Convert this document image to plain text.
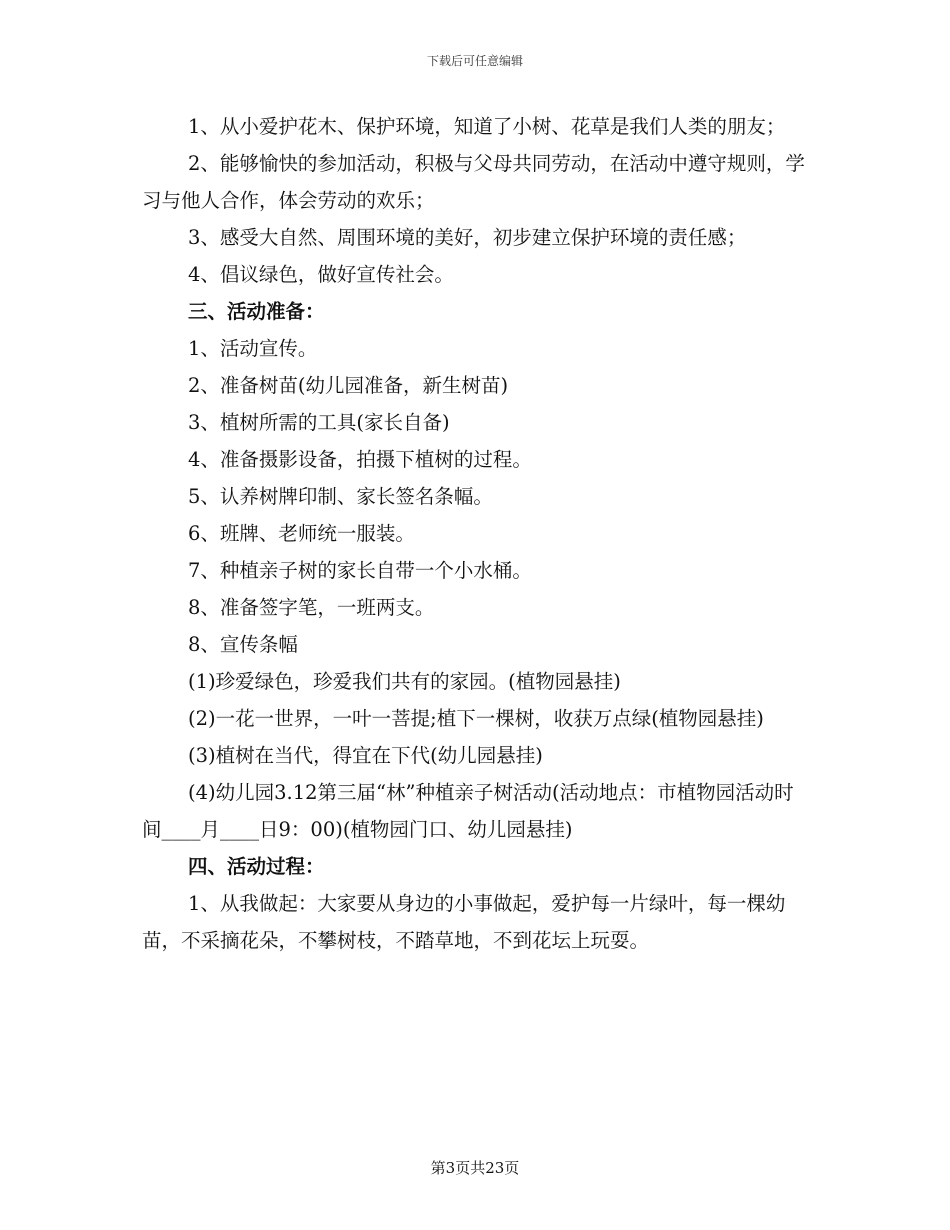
下载后可任意编辑

1、从小爱护花木、保护环境，知道了小树、花草是我们人类的朋友；

2、能够愉快的参加活动，积极与父母共同劳动，在活动中遵守规则，学习与他人合作，体会劳动的欢乐；

3、感受大自然、周围环境的美好，初步建立保护环境的责任感；

4、倡议绿色，做好宣传社会。

三、活动准备：

1、活动宣传。

2、准备树苗(幼儿园准备，新生树苗)

3、植树所需的工具(家长自备)

4、准备摄影设备，拍摄下植树的过程。

5、认养树牌印制、家长签名条幅。

6、班牌、老师统一服装。

7、种植亲子树的家长自带一个小水桶。

8、准备签字笔，一班两支。

8、宣传条幅

(1)珍爱绿色，珍爱我们共有的家园。(植物园悬挂)

(2)一花一世界，一叶一菩提;植下一棵树，收获万点绿(植物园悬挂)

(3)植树在当代，得宜在下代(幼儿园悬挂)

(4)幼儿园3.12第三届“林”种植亲子树活动(活动地点：市植物园活动时间____月____日9：00)(植物园门口、幼儿园悬挂)

四、活动过程：

1、从我做起：大家要从身边的小事做起，爱护每一片绿叶，每一棵幼苗，不采摘花朵，不攀树枝，不踏草地，不到花坛上玩耍。

第3页共23页
